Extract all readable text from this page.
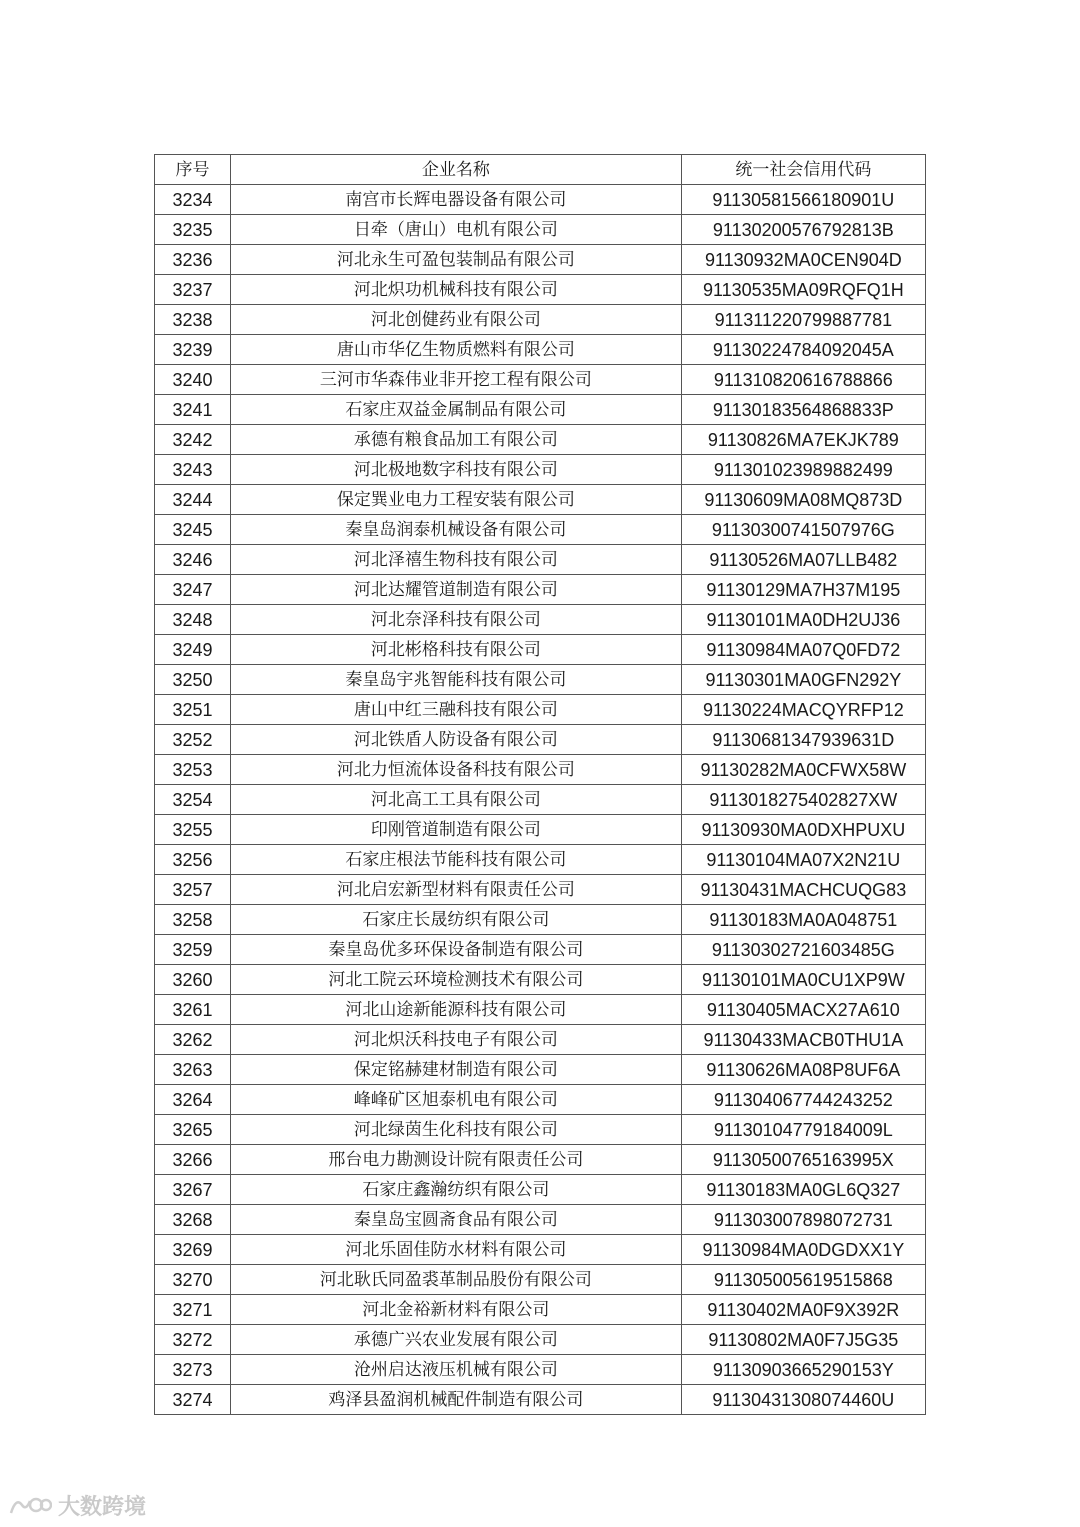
序号	企业名称	统一社会信用代码
3234	南宫市长辉电器设备有限公司	91130581566180901U
3235	日牵（唐山）电机有限公司	91130200576792813B
3236	河北永生可盈包装制品有限公司	91130932MA0CEN904D
3237	河北炽功机械科技有限公司	91130535MA09RQFQ1H
3238	河北创健药业有限公司	911311220799887781
3239	唐山市华亿生物质燃料有限公司	91130224784092045A
3240	三河市华森伟业非开挖工程有限公司	911310820616788866
3241	石家庄双益金属制品有限公司	91130183564868833P
3242	承德有粮食品加工有限公司	91130826MA7EKJK789
3243	河北极地数字科技有限公司	911301023989882499
3244	保定巽业电力工程安装有限公司	91130609MA08MQ873D
3245	秦皇岛润泰机械设备有限公司	91130300741507976G
3246	河北泽禧生物科技有限公司	91130526MA07LLB482
3247	河北达耀管道制造有限公司	91130129MA7H37M195
3248	河北奈泽科技有限公司	91130101MA0DH2UJ36
3249	河北彬格科技有限公司	91130984MA07Q0FD72
3250	秦皇岛宇兆智能科技有限公司	91130301MA0GFN292Y
3251	唐山中红三融科技有限公司	91130224MACQYRFP12
3252	河北铁盾人防设备有限公司	91130681347939631D
3253	河北力恒流体设备科技有限公司	91130282MA0CFWX58W
3254	河北高工工具有限公司	9113018275402827XW
3255	印刚管道制造有限公司	91130930MA0DXHPUXU
3256	石家庄根法节能科技有限公司	91130104MA07X2N21U
3257	河北启宏新型材料有限责任公司	91130431MACHCUQG83
3258	石家庄长晟纺织有限公司	91130183MA0A048751
3259	秦皇岛优多环保设备制造有限公司	91130302721603485G
3260	河北工院云环境检测技术有限公司	91130101MA0CU1XP9W
3261	河北山途新能源科技有限公司	91130405MACX27A610
3262	河北炽沃科技电子有限公司	91130433MACB0THU1A
3263	保定铭赫建材制造有限公司	91130626MA08P8UF6A
3264	峰峰矿区旭泰机电有限公司	911304067744243252
3265	河北绿茵生化科技有限公司	91130104779184009L
3266	邢台电力勘测设计院有限责任公司	91130500765163995X
3267	石家庄鑫瀚纺织有限公司	91130183MA0GL6Q327
3268	秦皇岛宝圆斋食品有限公司	911303007898072731
3269	河北乐固佳防水材料有限公司	91130984MA0DGDXX1Y
3270	河北耿氏同盈裘革制品股份有限公司	911305005619515868
3271	河北金裕新材料有限公司	91130402MA0F9X392R
3272	承德广兴农业发展有限公司	91130802MA0F7J5G35
3273	沧州启达液压机械有限公司	91130903665290153Y
3274	鸡泽县盈润机械配件制造有限公司	91130431308074460U
大数跨境
